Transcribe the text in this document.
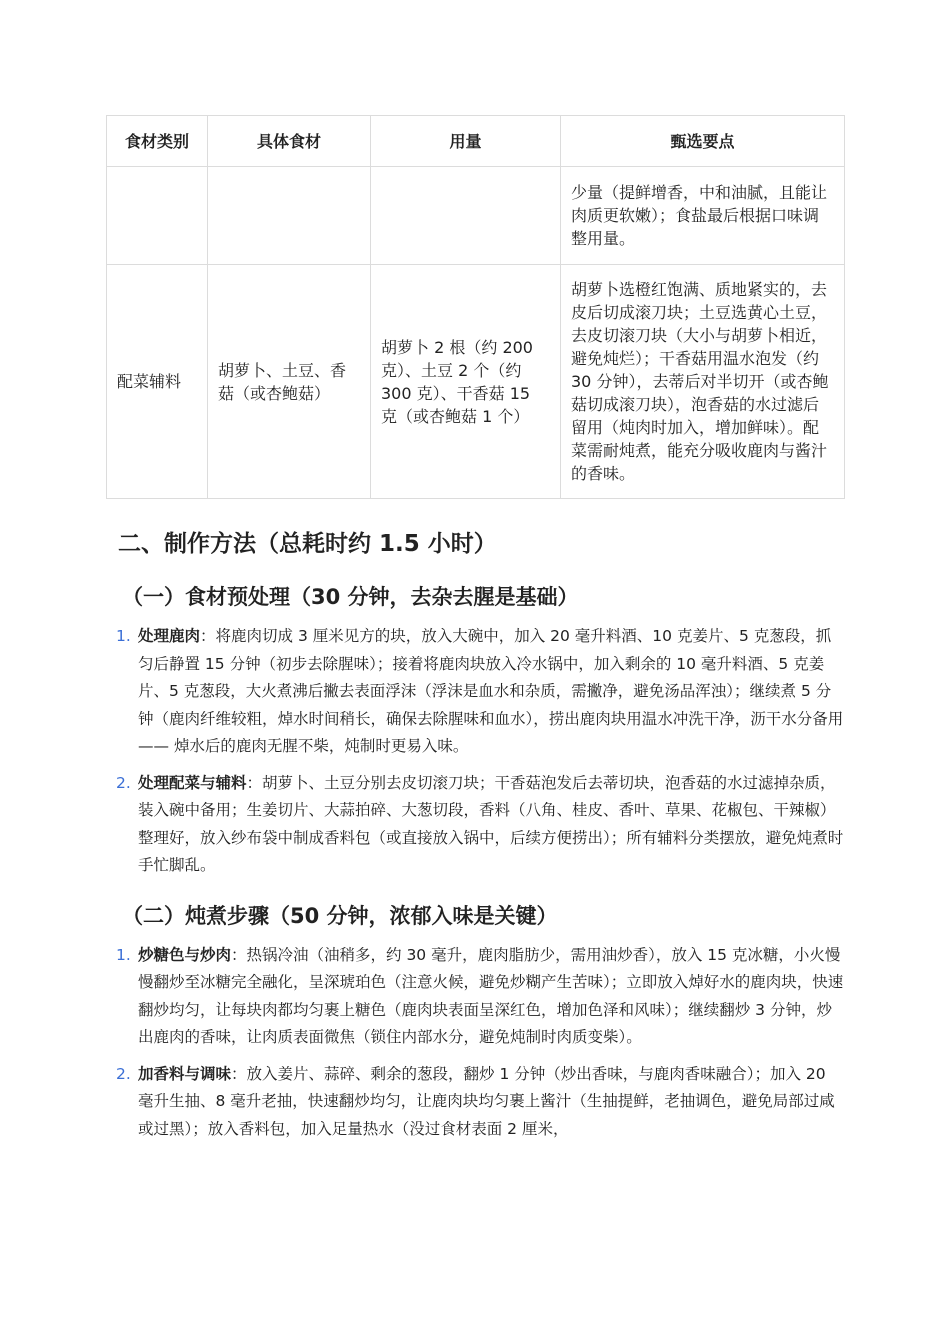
食材类别	具体食材	用量	甄选要点
			少量（提鲜增香，中和油腻，且能让肉质更软嫩）；食盐最后根据口味调整用量。
配菜辅料	胡萝卜、土豆、香菇（或杏鲍菇）	胡萝卜 2 根（约 200 克）、土豆 2 个（约 300 克）、干香菇 15 克（或杏鲍菇 1 个）	胡萝卜选橙红饱满、质地紧实的，去皮后切成滚刀块；土豆选黄心土豆，去皮切滚刀块（大小与胡萝卜相近，避免炖烂）；干香菇用温水泡发（约 30 分钟），去蒂后对半切开（或杏鲍菇切成滚刀块），泡香菇的水过滤后留用（炖肉时加入，增加鲜味）。配菜需耐炖煮，能充分吸收鹿肉与酱汁的香味。
二、制作方法（总耗时约 1.5 小时）
（一）食材预处理（30 分钟，去杂去腥是基础）
1. 处理鹿肉：将鹿肉切成 3 厘米见方的块，放入大碗中，加入 20 毫升料酒、10 克姜片、5 克葱段，抓匀后静置 15 分钟（初步去除腥味）；接着将鹿肉块放入冷水锅中，加入剩余的 10 毫升料酒、5 克姜片、5 克葱段，大火煮沸后撇去表面浮沫（浮沫是血水和杂质，需撇净，避免汤品浑浊）；继续煮 5 分钟（鹿肉纤维较粗，焯水时间稍长，确保去除腥味和血水），捞出鹿肉块用温水冲洗干净，沥干水分备用 —— 焯水后的鹿肉无腥不柴，炖制时更易入味。
2. 处理配菜与辅料：胡萝卜、土豆分别去皮切滚刀块；干香菇泡发后去蒂切块，泡香菇的水过滤掉杂质，装入碗中备用；生姜切片、大蒜拍碎、大葱切段，香料（八角、桂皮、香叶、草果、花椒包、干辣椒）整理好，放入纱布袋中制成香料包（或直接放入锅中，后续方便捞出）；所有辅料分类摆放，避免炖煮时手忙脚乱。
（二）炖煮步骤（50 分钟，浓郁入味是关键）
1. 炒糖色与炒肉：热锅冷油（油稍多，约 30 毫升，鹿肉脂肪少，需用油炒香），放入 15 克冰糖，小火慢慢翻炒至冰糖完全融化，呈深琥珀色（注意火候，避免炒糊产生苦味）；立即放入焯好水的鹿肉块，快速翻炒均匀，让每块肉都均匀裹上糖色（鹿肉块表面呈深红色，增加色泽和风味）；继续翻炒 3 分钟，炒出鹿肉的香味，让肉质表面微焦（锁住内部水分，避免炖制时肉质变柴）。
2. 加香料与调味：放入姜片、蒜碎、剩余的葱段，翻炒 1 分钟（炒出香味，与鹿肉香味融合）；加入 20 毫升生抽、8 毫升老抽，快速翻炒均匀，让鹿肉块均匀裹上酱汁（生抽提鲜，老抽调色，避免局部过咸或过黑）；放入香料包，加入足量热水（没过食材表面 2 厘米，
